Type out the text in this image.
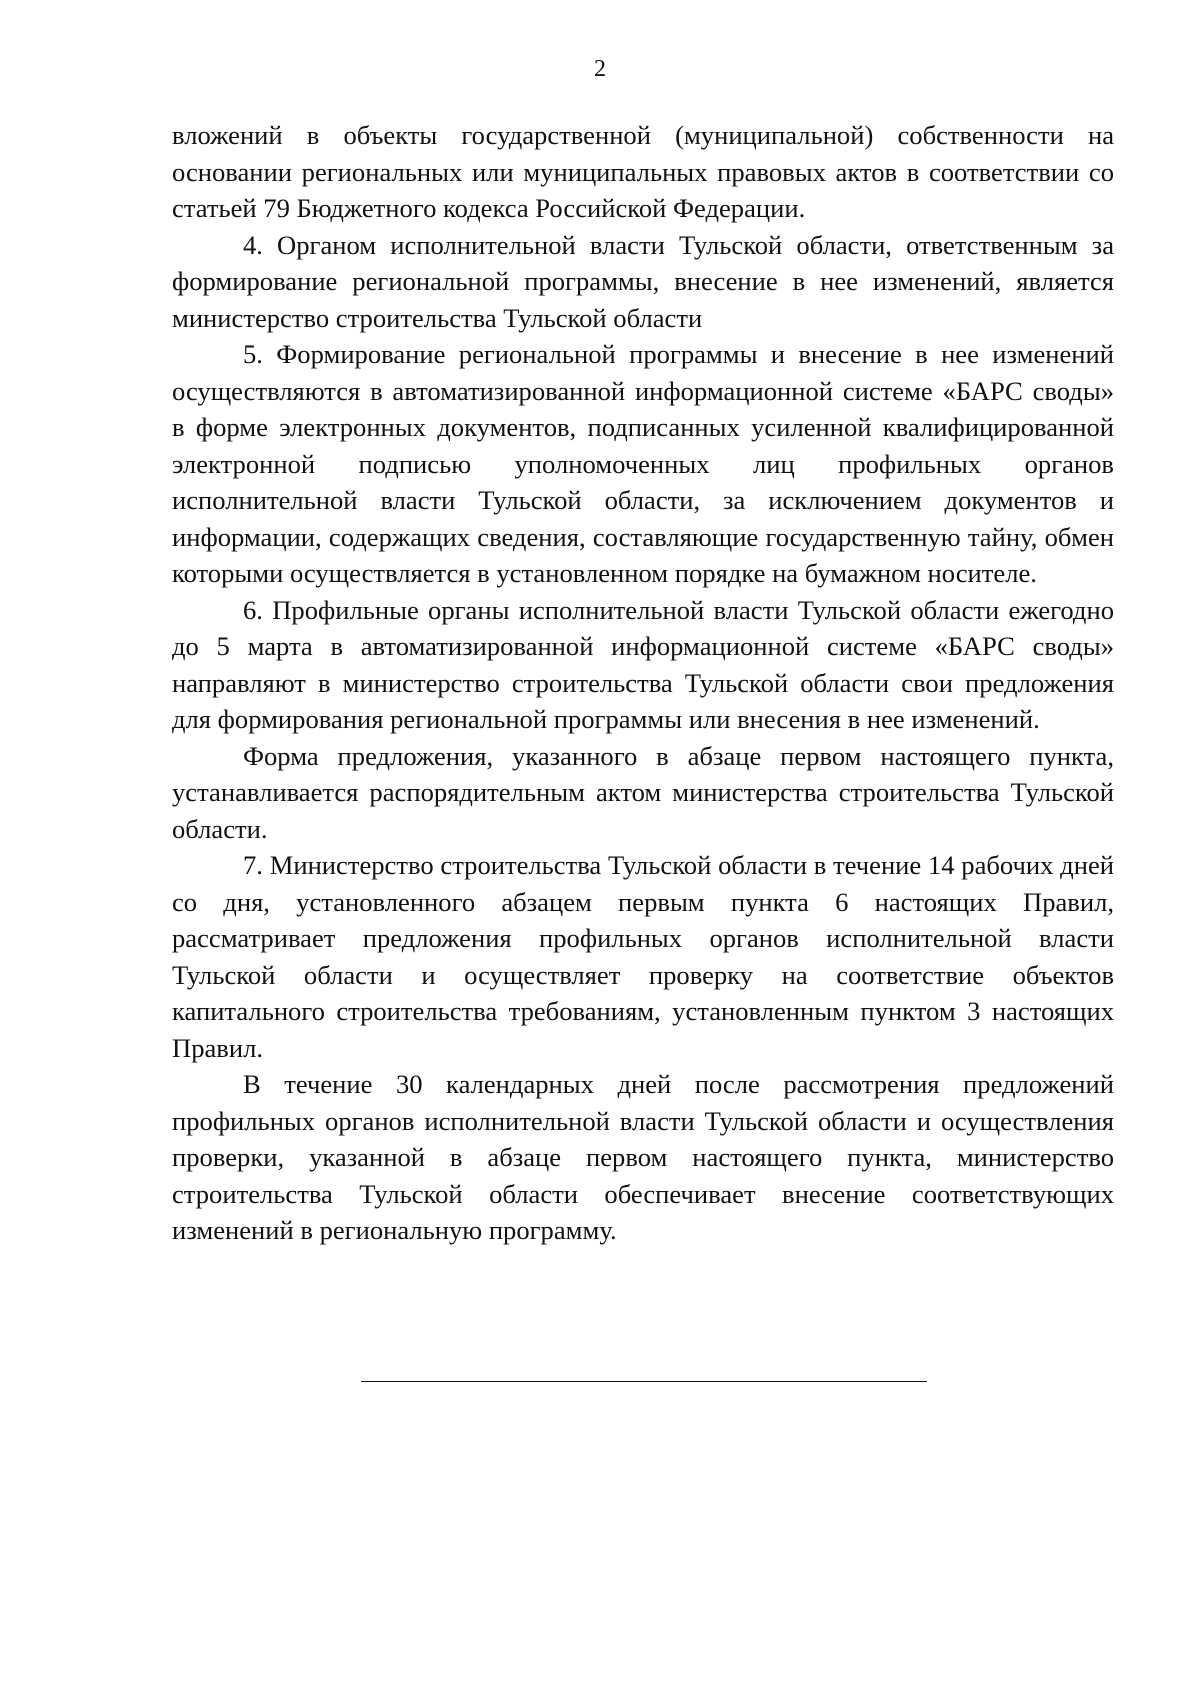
2

вложений в объекты государственной (муниципальной) собственности на основании региональных или муниципальных правовых актов в соответствии со статьей 79 Бюджетного кодекса Российской Федерации.

4. Органом исполнительной власти Тульской области, ответственным за формирование региональной программы, внесение в нее изменений, является министерство строительства Тульской области

5. Формирование региональной программы и внесение в нее изменений осуществляются в автоматизированной информационной системе «БАРС своды» в форме электронных документов, подписанных усиленной квалифицированной электронной подписью уполномоченных лиц профильных органов исполнительной власти Тульской области, за исключением документов и информации, содержащих сведения, составляющие государственную тайну, обмен которыми осуществляется в установленном порядке на бумажном носителе.

6. Профильные органы исполнительной власти Тульской области ежегодно до 5 марта в автоматизированной информационной системе «БАРС своды» направляют в министерство строительства Тульской области свои предложения для формирования региональной программы или внесения в нее изменений.

Форма предложения, указанного в абзаце первом настоящего пункта, устанавливается распорядительным актом министерства строительства Тульской области.

7. Министерство строительства Тульской области в течение 14 рабочих дней со дня, установленного абзацем первым пункта 6 настоящих Правил, рассматривает предложения профильных органов исполнительной власти Тульской области и осуществляет проверку на соответствие объектов капитального строительства требованиям, установленным пунктом 3 настоящих Правил.

В течение 30 календарных дней после рассмотрения предложений профильных органов исполнительной власти Тульской области и осуществления проверки, указанной в абзаце первом настоящего пункта, министерство строительства Тульской области обеспечивает внесение соответствующих изменений в региональную программу.
